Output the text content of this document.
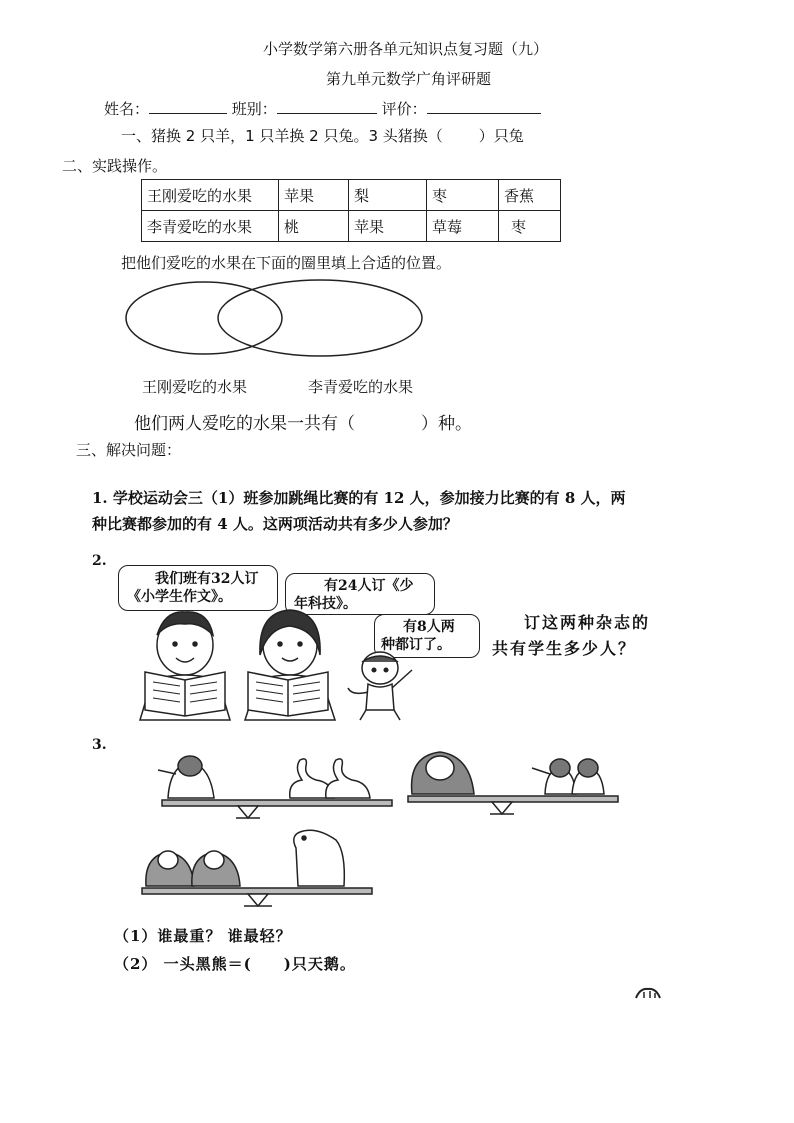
小学数学第六册各单元知识点复习题（九）
第九单元数学广角评研题
姓名：	班别：	评价：
一、猪换 2 只羊，1 只羊换 2 只兔。3 头猪换（ ）只兔
二、实践操作。
王刚爱吃的水果	苹果	梨	枣	香蕉
李青爱吃的水果	桃	苹果	草莓	枣
把他们爱吃的水果在下面的圈里填上合适的位置。
王刚爱吃的水果	李青爱吃的水果
他们两人爱吃的水果一共有（	）种。
三、解决问题：
1. 学校运动会三（1）班参加跳绳比赛的有 12 人，参加接力比赛的有 8 人，两
种比赛都参加的有 4 人。这两项活动共有多少人参加？
2.
我们班有32人订
《小学生作文》。
有24人订《少
年科技》。
有8人两
种都订了。
订这两种杂志的
共有学生多少人？
3.
（1）谁最重？ 谁最轻？
（2） 一头黑熊＝(　　)只天鹅。
